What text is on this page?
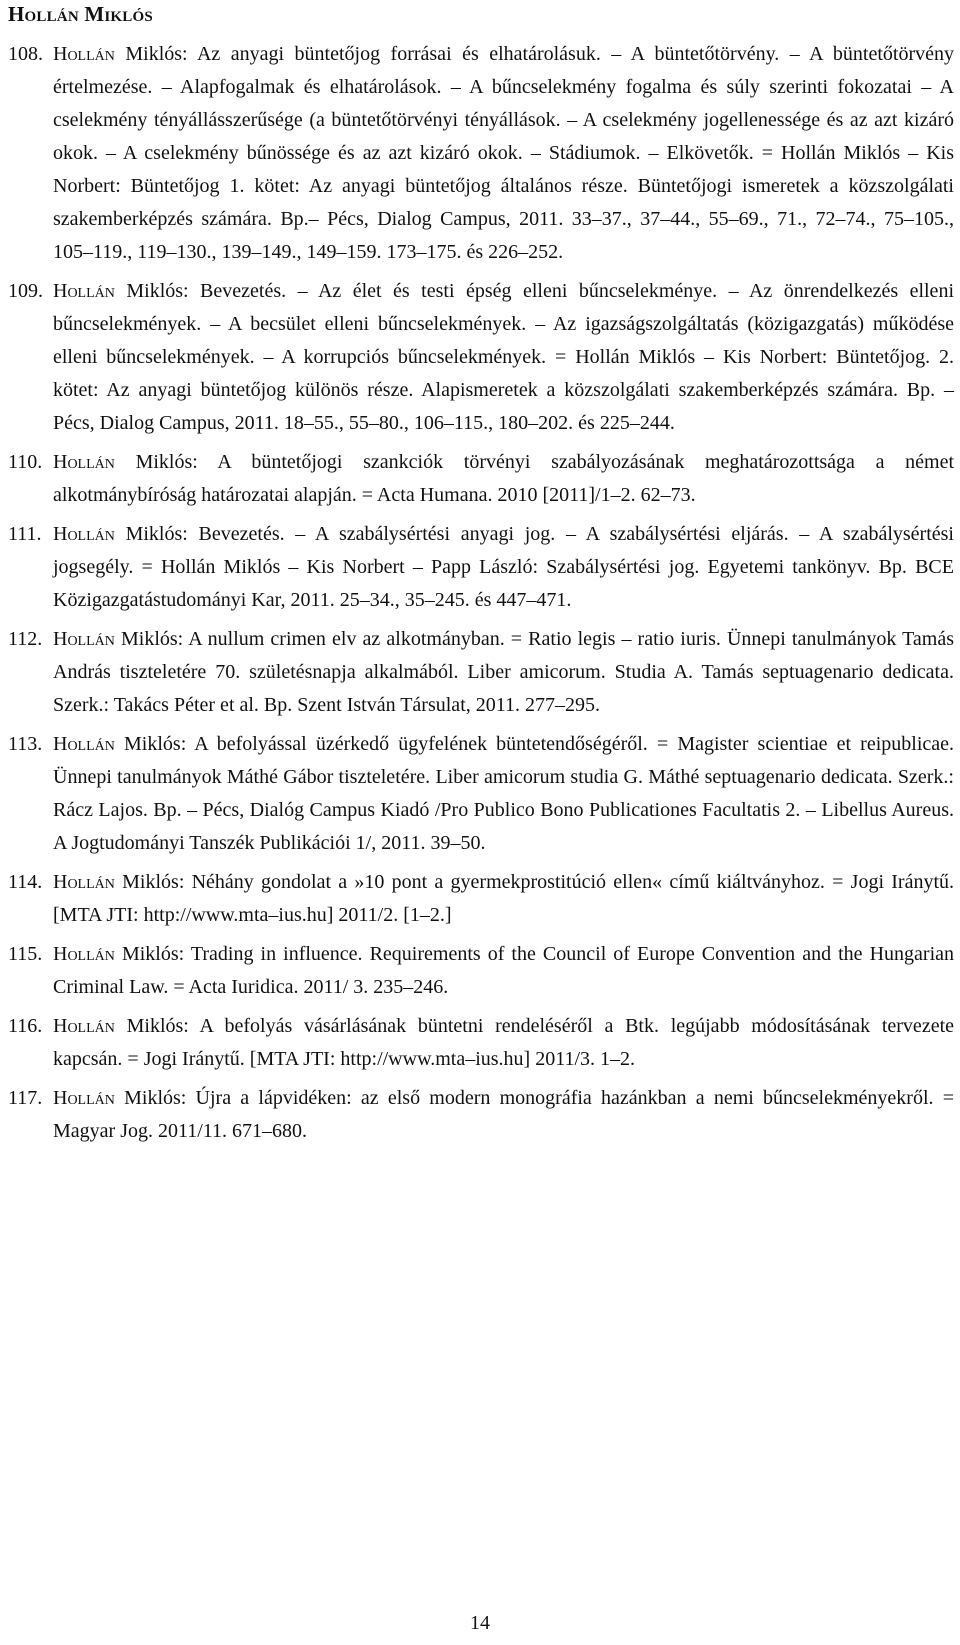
Hollán Miklós
108. Hollán Miklós: Az anyagi büntetőjog forrásai és elhatárolásuk. – A büntetőtörvény. – A büntetőtörvény értelmezése. – Alapfogalmak és elhatárolások. – A bűncselekmény fogalma és súly szerinti fokozatai – A cselekmény tényállásszerűsége (a büntetőtörvényi tényállások. – A cselekmény jogellenessége és az azt kizáró okok. – A cselekmény bűnössége és az azt kizáró okok. – Stádiumok. – Elkövetők. = Hollán Miklós – Kis Norbert: Büntetőjog 1. kötet: Az anyagi büntetőjog általános része. Büntetőjogi ismeretek a közszolgálati szakemberképzés számára. Bp.– Pécs, Dialog Campus, 2011. 33–37., 37–44., 55–69., 71., 72–74., 75–105., 105–119., 119–130., 139–149., 149–159. 173–175. és 226–252.
109. Hollán Miklós: Bevezetés. – Az élet és testi épség elleni bűncselekménye. – Az önrendelkezés elleni bűncselekmények. – A becsület elleni bűncselekmények. – Az igazságszolgáltatás (közigazgatás) működése elleni bűncselekmények. – A korrupciós bűncselekmények. = Hollán Miklós – Kis Norbert: Büntetőjog. 2. kötet: Az anyagi büntetőjog különös része. Alapismeretek a közszolgálati szakemberképzés számára. Bp. – Pécs, Dialog Campus, 2011. 18–55., 55–80., 106–115., 180–202. és 225–244.
110. Hollán Miklós: A büntetőjogi szankciók törvényi szabályozásának meghatározottsága a német alkotmánybíróság határozatai alapján. = Acta Humana. 2010 [2011]/1–2. 62–73.
111. Hollán Miklós: Bevezetés. – A szabálysértési anyagi jog. – A szabálysértési eljárás. – A szabálysértési jogsegély. = Hollán Miklós – Kis Norbert – Papp László: Szabálysértési jog. Egyetemi tankönyv. Bp. BCE Közigazgatástudományi Kar, 2011. 25–34., 35–245. és 447–471.
112. Hollán Miklós: A nullum crimen elv az alkotmányban. = Ratio legis – ratio iuris. Ünnepi tanulmányok Tamás András tiszteletére 70. születésnapja alkalmából. Liber amicorum. Studia A. Tamás septuagenario dedicata. Szerk.: Takács Péter et al. Bp. Szent István Társulat, 2011. 277–295.
113. Hollán Miklós: A befolyással üzérkedő ügyfelének büntetendőségéről. = Magister scientiae et reipublicae. Ünnepi tanulmányok Máthé Gábor tiszteletére. Liber amicorum studia G. Máthé septuagenario dedicata. Szerk.: Rácz Lajos. Bp. – Pécs, Dialóg Campus Kiadó /Pro Publico Bono Publicationes Facultatis 2. – Libellus Aureus. A Jogtudományi Tanszék Publikációi 1/, 2011. 39–50.
114. Hollán Miklós: Néhány gondolat a »10 pont a gyermekprostitúció ellen« című kiáltványhoz. = Jogi Iránytű. [MTA JTI: http://www.mta–ius.hu] 2011/2. [1–2.]
115. Hollán Miklós: Trading in influence. Requirements of the Council of Europe Convention and the Hungarian Criminal Law. = Acta Iuridica. 2011/ 3. 235–246.
116. Hollán Miklós: A befolyás vásárlásának büntetni rendeléséről a Btk. legújabb módosításának tervezete kapcsán. = Jogi Iránytű. [MTA JTI: http://www.mta–ius.hu] 2011/3. 1–2.
117. Hollán Miklós: Újra a lápvidéken: az első modern monográfia hazánkban a nemi bűncselekményekről. = Magyar Jog. 2011/11. 671–680.
14
